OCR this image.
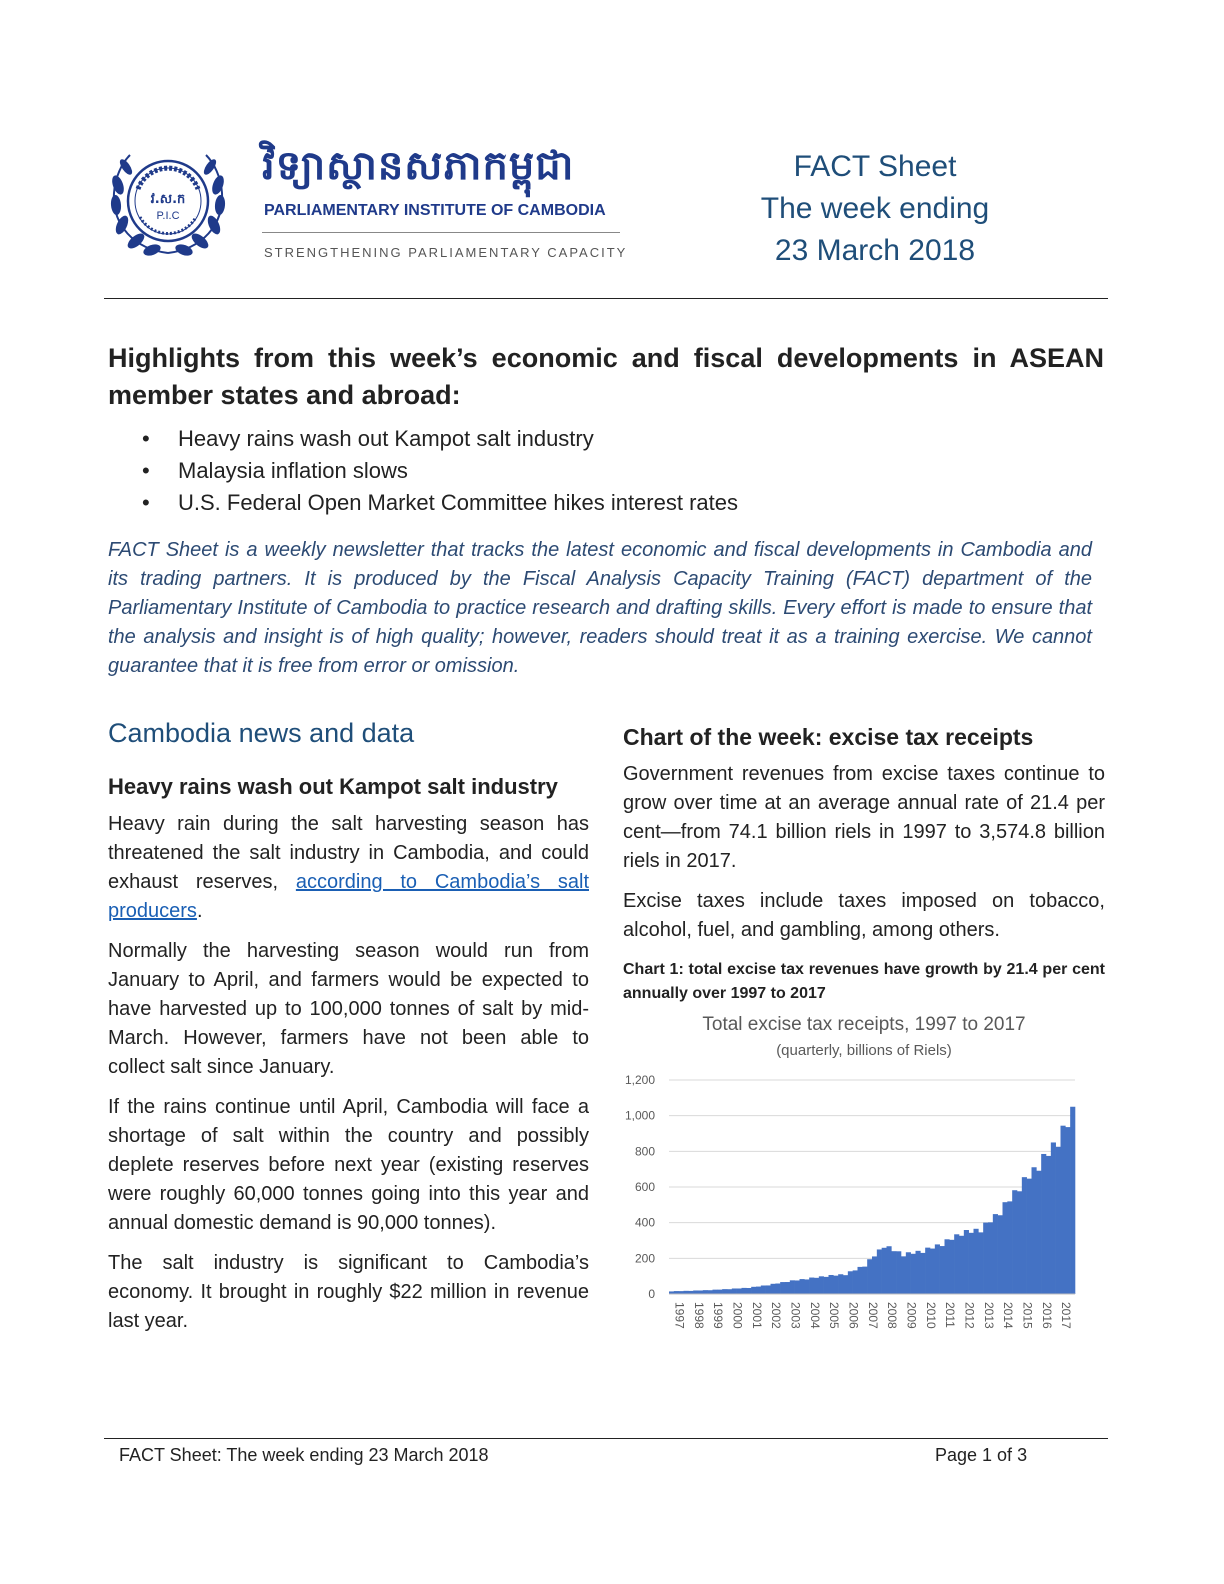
វ.ស.ក
P.I.C
វិទ្យាស្ថានសភាកម្ពុជា
PARLIAMENTARY INSTITUTE OF CAMBODIA
STRENGTHENING PARLIAMENTARY CAPACITY
FACT Sheet
The week ending
23 March 2018
Highlights from this week’s economic and fiscal developments in ASEAN member states and abroad:
• Heavy rains wash out Kampot salt industry
• Malaysia inflation slows
• U.S. Federal Open Market Committee hikes interest rates
FACT Sheet is a weekly newsletter that tracks the latest economic and fiscal developments in Cambodia and its trading partners. It is produced by the Fiscal Analysis Capacity Training (FACT) department of the Parliamentary Institute of Cambodia to practice research and drafting skills. Every effort is made to ensure that the analysis and insight is of high quality; however, readers should treat it as a training exercise. We cannot guarantee that it is free from error or omission.
Cambodia news and data
Heavy rains wash out Kampot salt industry

Heavy rain during the salt harvesting season has threatened the salt industry in Cambodia, and could exhaust reserves, according to Cambodia’s salt producers.

Normally the harvesting season would run from January to April, and farmers would be expected to have harvested up to 100,000 tonnes of salt by mid-March. However, farmers have not been able to collect salt since January.

If the rains continue until April, Cambodia will face a shortage of salt within the country and possibly deplete reserves before next year (existing reserves were roughly 60,000 tonnes going into this year and annual domestic demand is 90,000 tonnes).

The salt industry is significant to Cambodia’s economy. It brought in roughly $22 million in revenue last year.

Chart of the week: excise tax receipts

Government revenues from excise taxes continue to grow over time at an average annual rate of 21.4 per cent—from 74.1 billion riels in 1997 to 3,574.8 billion riels in 2017.

Excise taxes include taxes imposed on tobacco, alcohol, fuel, and gambling, among others.

Chart 1: total excise tax revenues have growth by 21.4 per cent annually over 1997 to 2017
Total excise tax receipts, 1997 to 2017
(quarterly, billions of Riels)
0
200
400
600
800
1,000
1,200
1997 1998 1999 2000 2001 2002 2003 2004 2005 2006 2007 2008 2009 2010 2011 2012 2013 2014 2015 2016 2017
FACT Sheet: The week ending 23 March 2018	Page 1 of 3
